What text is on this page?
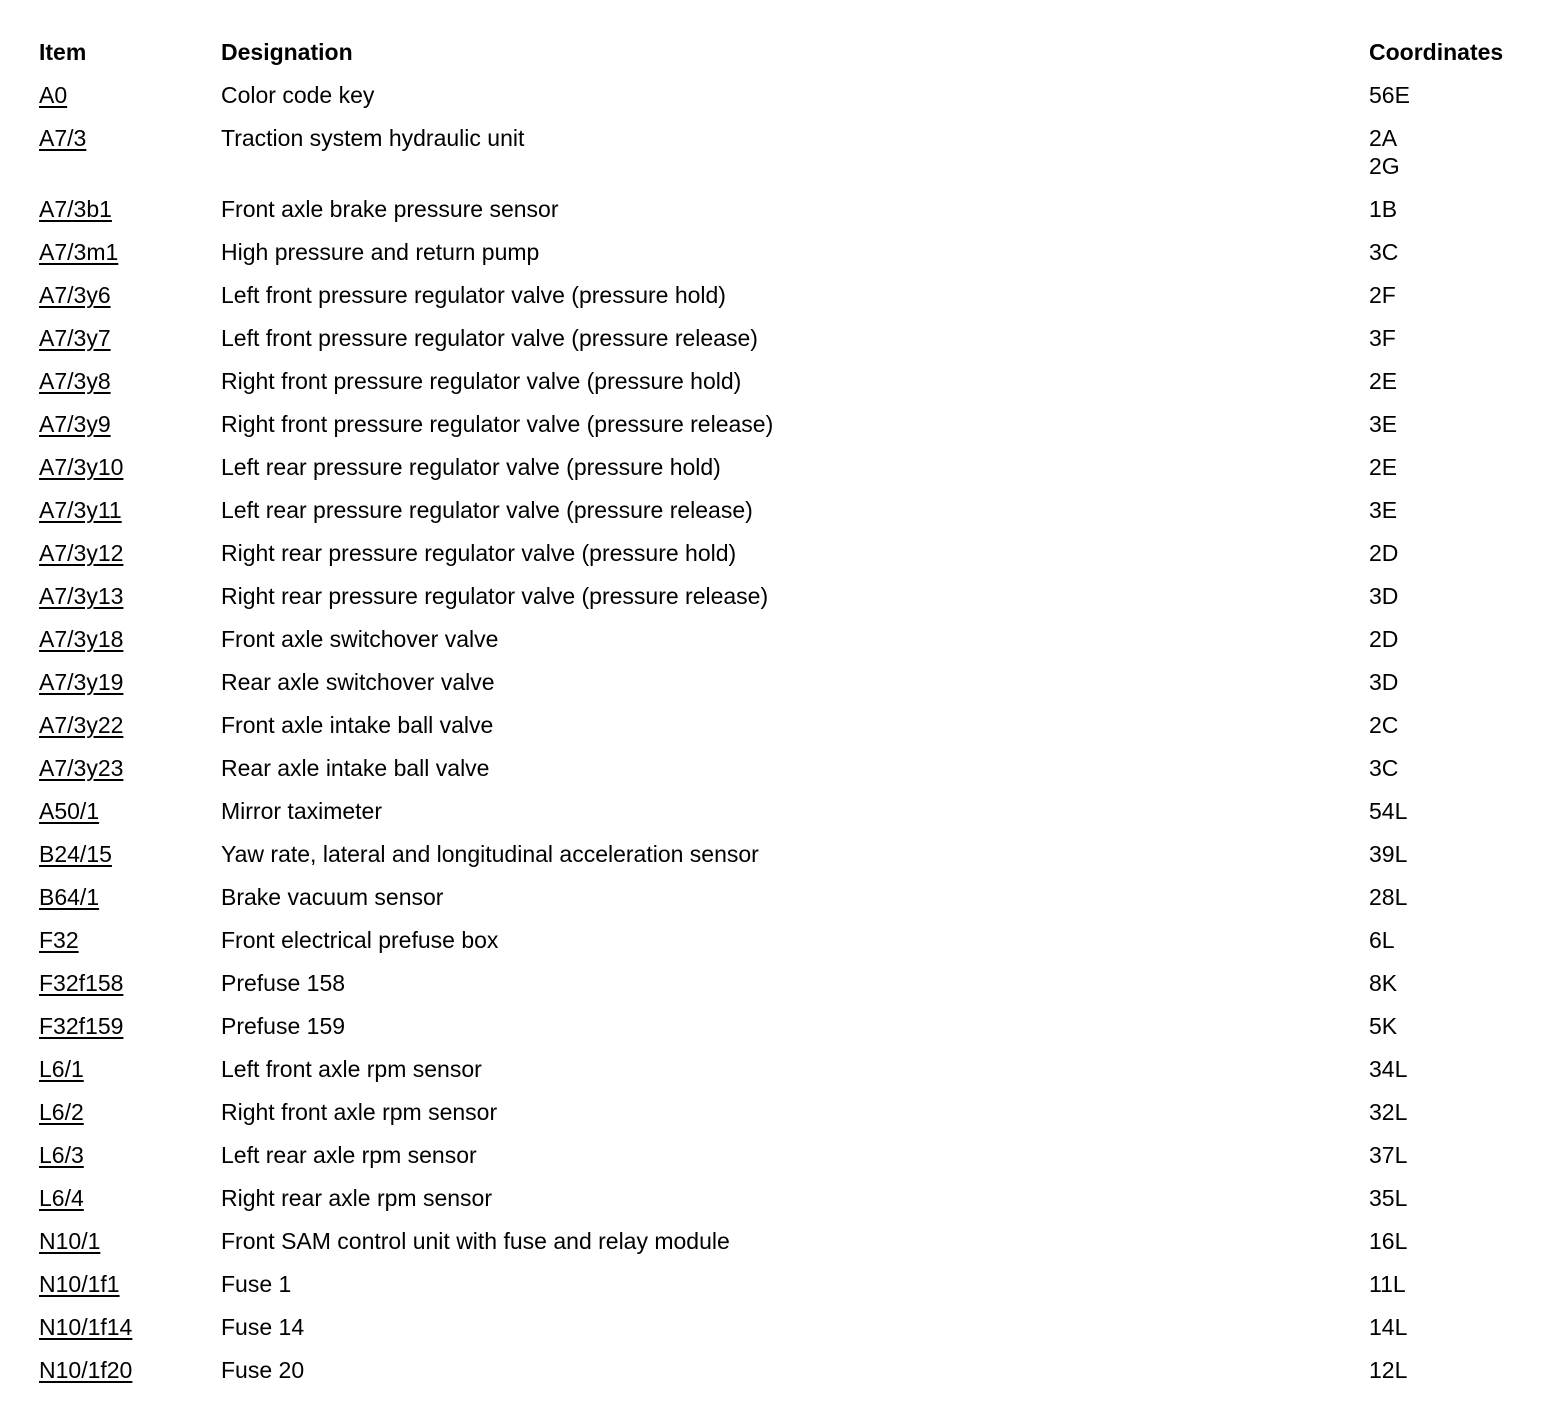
Item	Designation	Coordinates
A0	Color code key	56E

A7/3	Traction system hydraulic unit	2A
2G

A7/3b1	Front axle brake pressure sensor	1B

A7/3m1	High pressure and return pump	3C

A7/3y6	Left front pressure regulator valve (pressure hold)	2F

A7/3y7	Left front pressure regulator valve (pressure release)	3F

A7/3y8	Right front pressure regulator valve (pressure hold)	2E

A7/3y9	Right front pressure regulator valve (pressure release)	3E

A7/3y10	Left rear pressure regulator valve (pressure hold)	2E

A7/3y11	Left rear pressure regulator valve (pressure release)	3E

A7/3y12	Right rear pressure regulator valve (pressure hold)	2D

A7/3y13	Right rear pressure regulator valve (pressure release)	3D

A7/3y18	Front axle switchover valve	2D

A7/3y19	Rear axle switchover valve	3D

A7/3y22	Front axle intake ball valve	2C

A7/3y23	Rear axle intake ball valve	3C

A50/1	Mirror taximeter	54L

B24/15	Yaw rate, lateral and longitudinal acceleration sensor	39L

B64/1	Brake vacuum sensor	28L

F32	Front electrical prefuse box	6L

F32f158	Prefuse 158	8K

F32f159	Prefuse 159	5K

L6/1	Left front axle rpm sensor	34L

L6/2	Right front axle rpm sensor	32L

L6/3	Left rear axle rpm sensor	37L

L6/4	Right rear axle rpm sensor	35L

N10/1	Front SAM control unit with fuse and relay module	16L

N10/1f1	Fuse 1	11L

N10/1f14	Fuse 14	14L

N10/1f20	Fuse 20	12L
